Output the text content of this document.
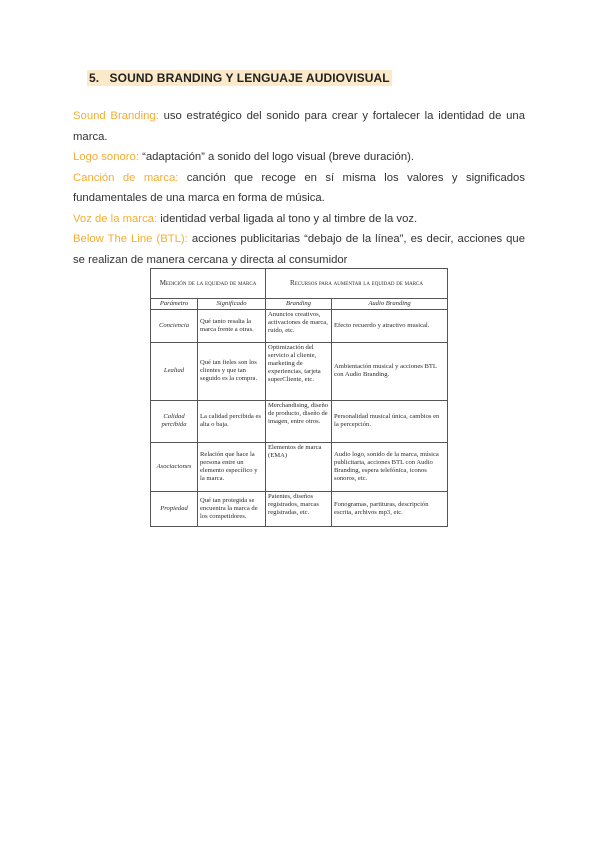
5. SOUND BRANDING Y LENGUAJE AUDIOVISUAL

Sound Branding: uso estratégico del sonido para crear y fortalecer la identidad de una marca.

Logo sonoro: “adaptación” a sonido del logo visual (breve duración).

Canción de marca: canción que recoge en sí misma los valores y significados fundamentales de una marca en forma de música.

Voz de la marca: identidad verbal ligada al tono y al timbre de la voz.

Below The Line (BTL): acciones publicitarias “debajo de la línea”, es decir, acciones que se realizan de manera cercana y directa al consumidor

Medición de la equidad de marca		Recursos para aumentar la equidad de marca	
Parámetro	Significado	Branding	Audio Branding
Conciencia	Qué tanto resalta la marca frente a otras.	Anuncios creativos, activaciones de marca, ruido, etc.	Efecto recuerdo y atractivo musical.
Lealtad	Qué tan fieles son los clientes y que tan seguido es la compra.	Optimización del servicio al cliente, marketing de experiencias, tarjeta superCliente, etc.	Ambientación musical y acciones BTL con Audio Branding.
Calidad percibida	La calidad percibida es alta o baja.	Merchandising, diseño de producto, diseño de imagen, entre otros.	Personalidad musical única, cambios en la percepción.
Asociaciones	Relación que hace la persona entre un elemento específico y la marca.	Elementos de marca (EMA)	Audio logo, sonido de la marca, música publicitaria, acciones BTL con Audio Branding, espera telefónica, iconos sonoros, etc.
Propiedad	Qué tan protegida se encuentra la marca de los competidores.	Patentes, diseños registrados, marcas registradas, etc.	Fonogramas, partituras, descripción escrita, archivos mp3, etc.
